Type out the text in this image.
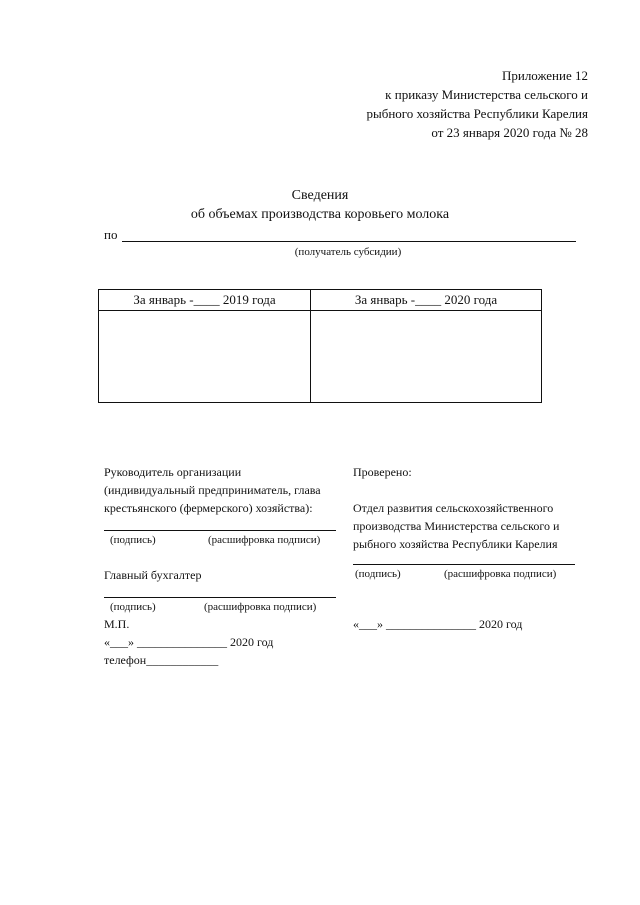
Приложение 12
к приказу Министерства сельского и
рыбного хозяйства Республики Карелия
от 23 января 2020 года № 28
Сведения
об объемах производства коровьего молока
по
(получатель субсидии)
За январь -____ 2019 года	За январь -____ 2020 года
Руководитель организации
(индивидуальный предприниматель, глава
крестьянского (фермерского) хозяйства):
(подпись)	(расшифровка подписи)
Главный бухгалтер
(подпись)	(расшифровка подписи)
М.П.
«___» _______________ 2020 год
телефон____________
Проверено:
Отдел развития сельскохозяйственного
производства Министерства сельского и
рыбного хозяйства Республики Карелия
(подпись)	(расшифровка подписи)
«___» _______________ 2020 год
